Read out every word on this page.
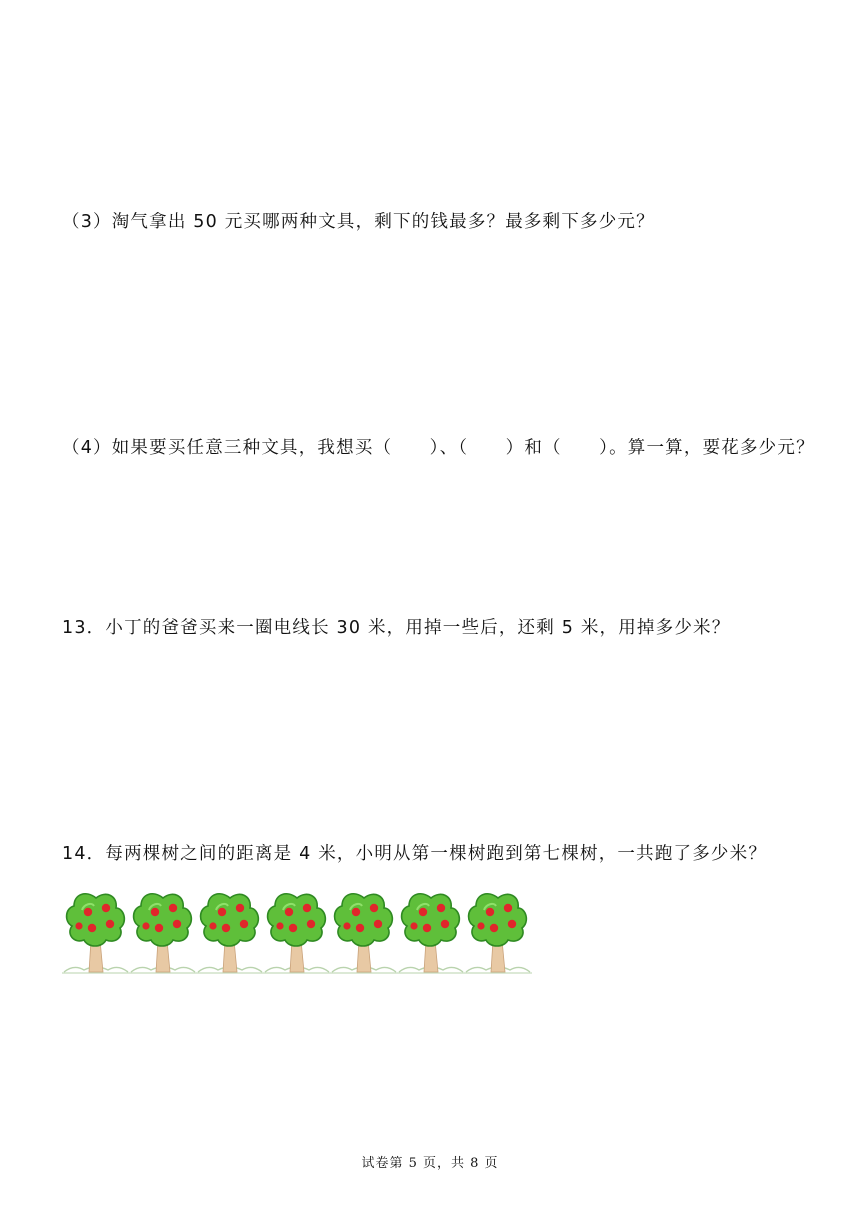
（3）淘气拿出 50 元买哪两种文具，剩下的钱最多？最多剩下多少元？
（4）如果要买任意三种文具，我想买（　　）、（　　）和（　　）。算一算，要花多少元？
13．小丁的爸爸买来一圈电线长 30 米，用掉一些后，还剩 5 米，用掉多少米？
14．每两棵树之间的距离是 4 米，小明从第一棵树跑到第七棵树，一共跑了多少米？
试卷第 5 页，共 8 页
